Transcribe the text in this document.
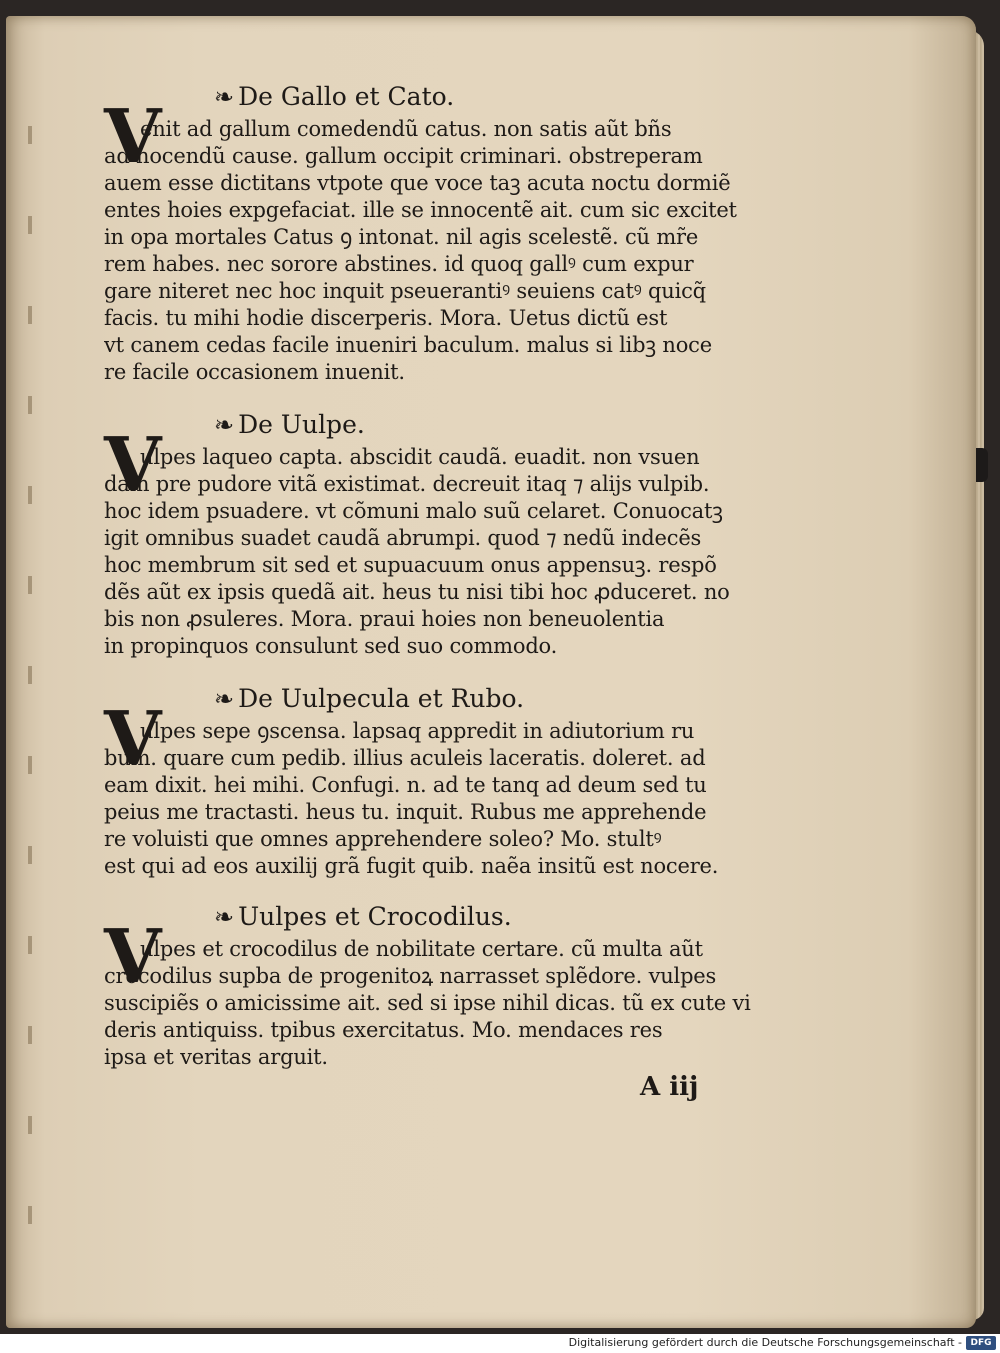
❧ De Gallo et Cato.
V
enit ad gallum comedendũ catus. non satis aũt bñs
ad nocendũ cause. gallum occipit criminari. obstreperam
auem esse dictitans vtpote que voce taꝫ acuta noctu dormiẽ
entes hoies expgefaciat. ille se innocentẽ ait. cum sic excitet
in opa mortales Catus ꝯ intonat. nil agis scelestẽ. cũ mr̃e
rem habes. nec sorore abstines. id quoq gallꝰ cum expur
gare niteret nec hoc inquit pseuerantiꝰ seuiens catꝰ quicq̃
facis. tu mihi hodie discerperis. Mora. Uetus dictũ est
vt canem cedas facile inueniri baculum. malus si libꝫ noce
re facile occasionem inuenit.
❧ De Uulpe.
V
ulpes laqueo capta. abscidit caudã. euadit. non vsuen
dam pre pudore vitã existimat. decreuit itaq ⁊ alijs vulpib.
hoc idem psuadere. vt cõmuni malo suũ celaret. Conuocatꝫ
igit omnibus suadet caudã abrumpi. quod ⁊ nedũ indecẽs
hoc membrum sit sed et supuacuum onus appensuꝫ. respõ
dẽs aũt ex ipsis quedã ait. heus tu nisi tibi hoc ꝓduceret. no
bis non ꝓsuleres. Mora. praui hoies non beneuolentia
in propinquos consulunt sed suo commodo.
❧ De Uulpecula et Rubo.
V
ulpes sepe ꝯscensa. lapsaq appredit in adiutorium ru
bum. quare cum pedib. illius aculeis laceratis. doleret. ad
eam dixit. hei mihi. Confugi. n. ad te tanq ad deum sed tu
peius me tractasti. heus tu. inquit. Rubus me apprehende
re voluisti que omnes apprehendere soleo? Mo. stultꝰ
est qui ad eos auxilij grã fugit quib. naẽa insitũ est nocere.
❧ Uulpes et Crocodilus.
V
ulpes et crocodilus de nobilitate certare. cũ multa aũt
crocodilus supba de progenitoꝝ narrasset splẽdore. vulpes
suscipiẽs o amicissime ait. sed si ipse nihil dicas. tũ ex cute vi
deris antiquiss. tpibus exercitatus. Mo. mendaces res
ipsa et veritas arguit.
A iij
Digitalisierung gefördert durch die Deutsche Forschungsgemeinschaft - DFG
